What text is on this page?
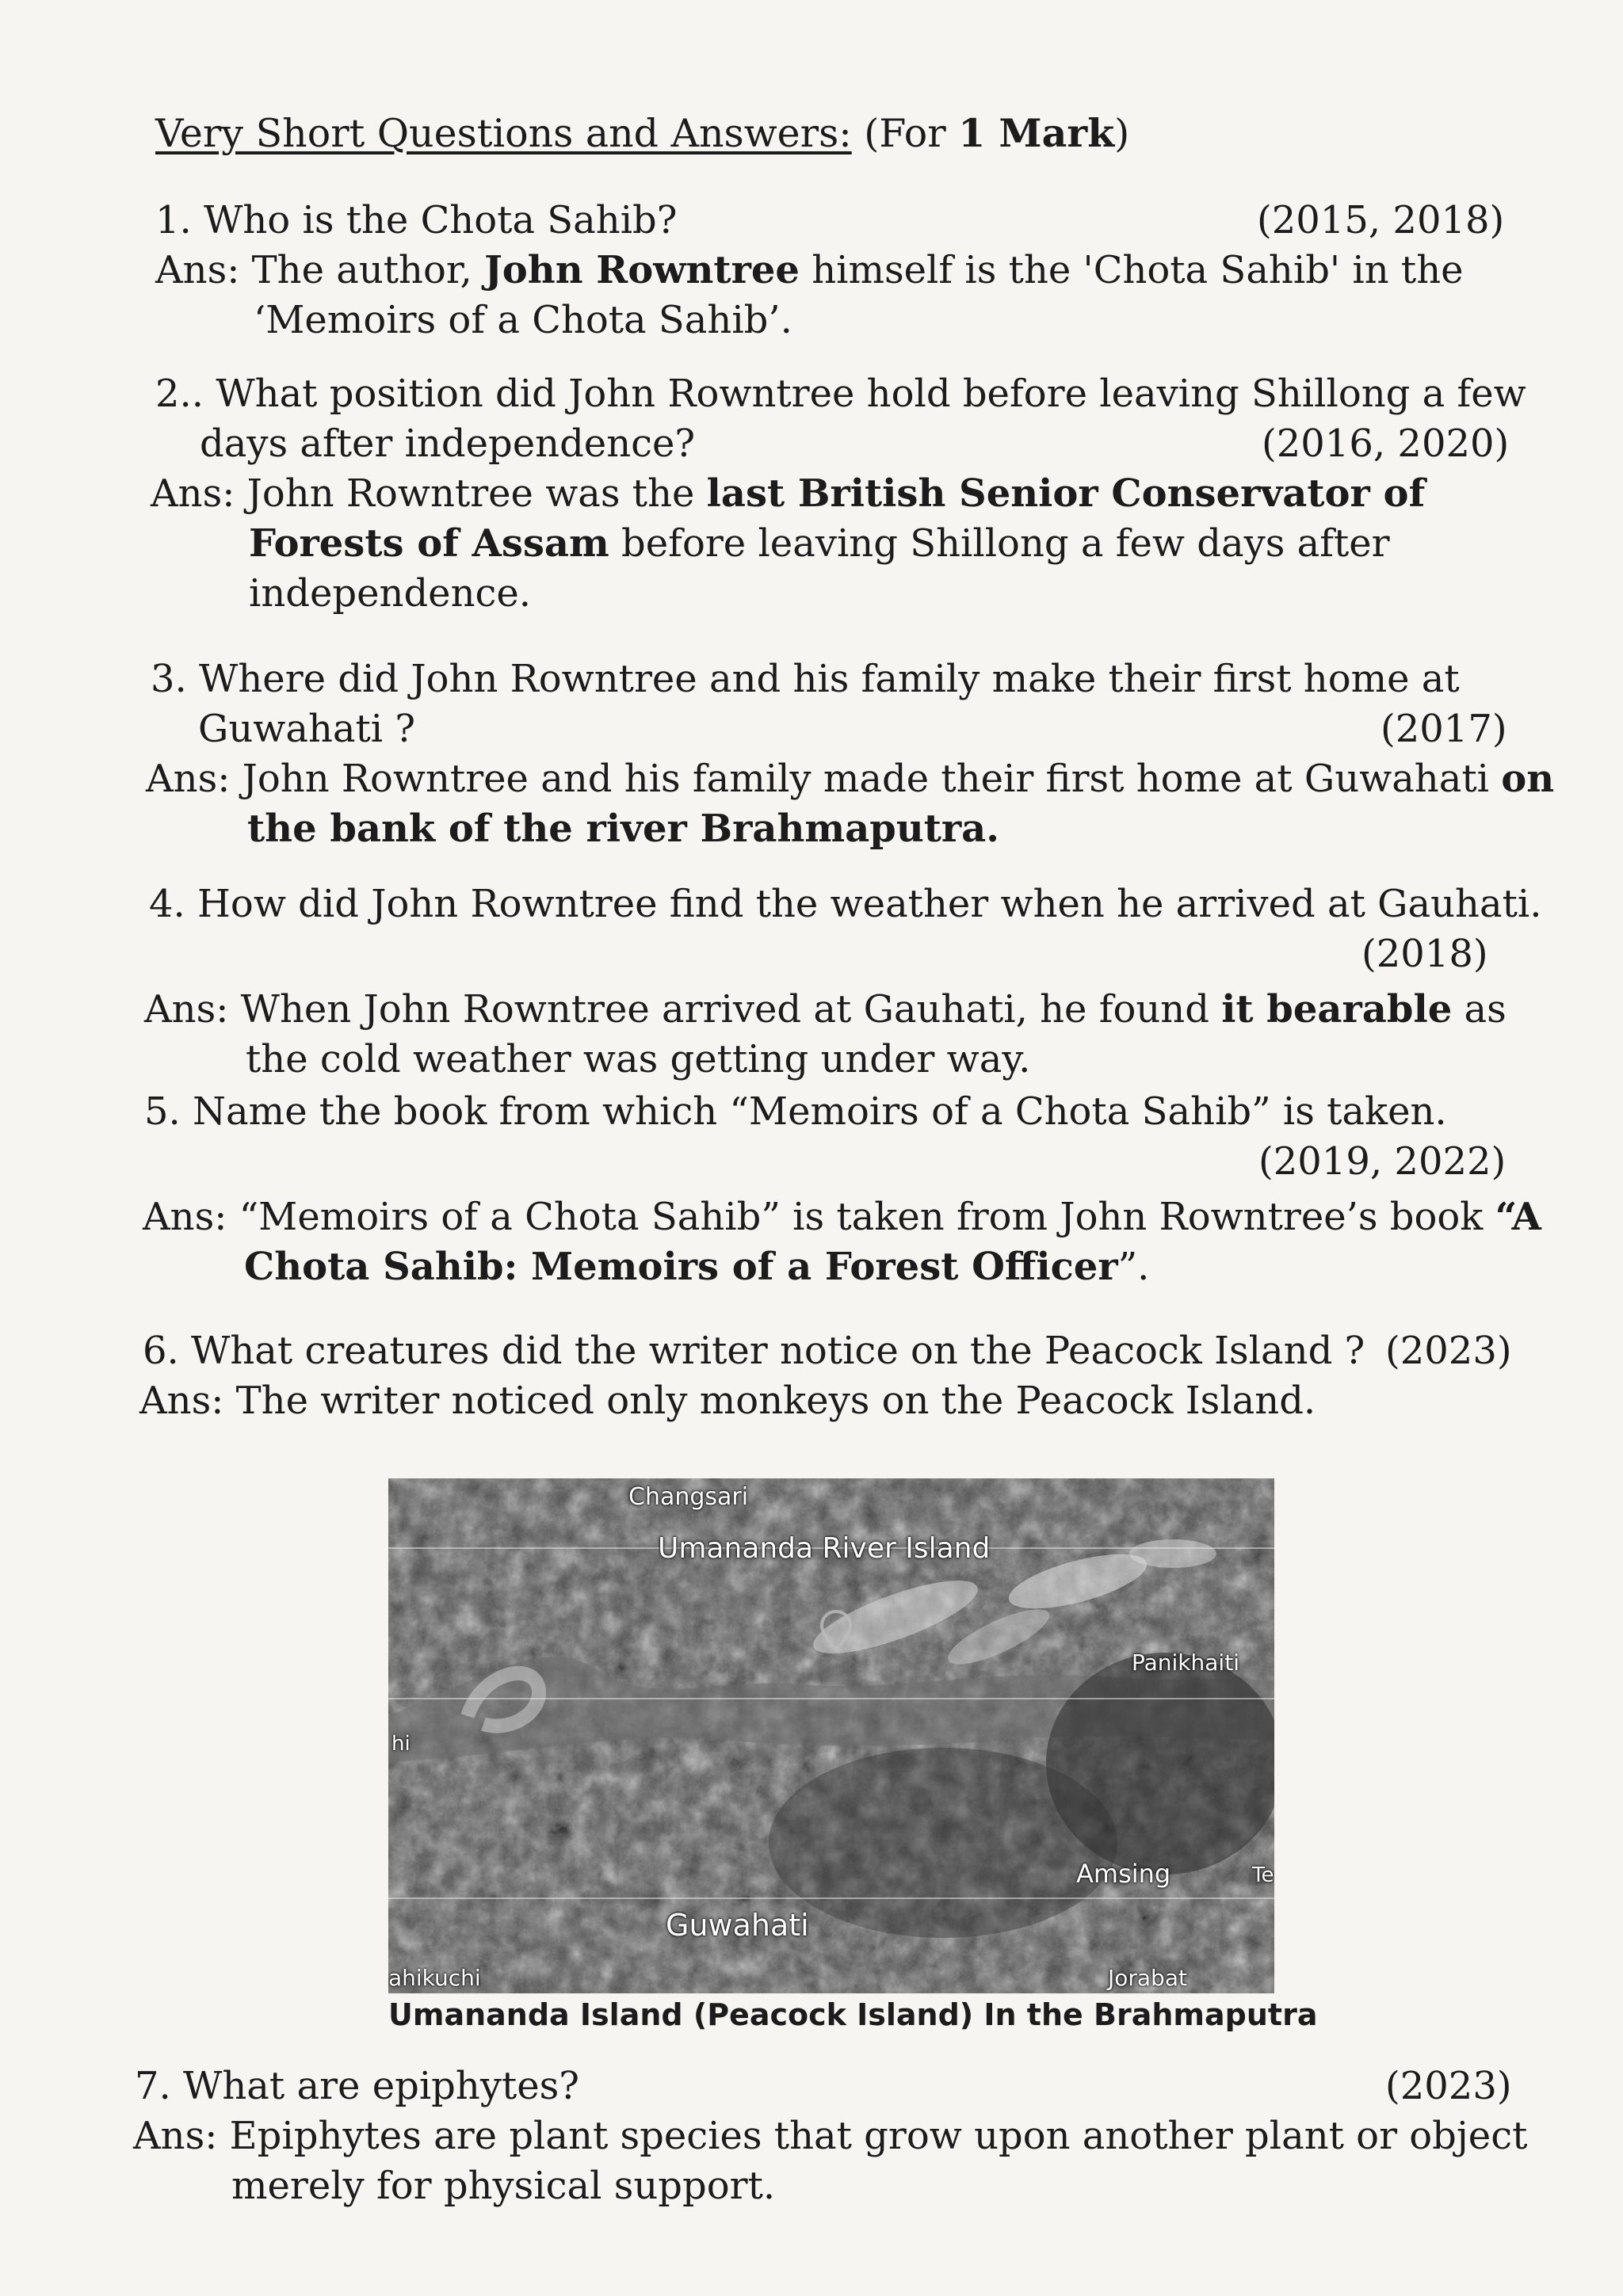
Very Short Questions and Answers: (For 1 Mark)
1. Who is the Chota Sahib?	(2015, 2018)
Ans: The author, John Rowntree himself is the 'Chota Sahib' in the
‘Memoirs of a Chota Sahib’.
2.. What position did John Rowntree hold before leaving Shillong a few
days after independence?	(2016, 2020)
Ans: John Rowntree was the last British Senior Conservator of
Forests of Assam before leaving Shillong a few days after
independence.
3. Where did John Rowntree and his family make their first home at
Guwahati ?	(2017)
Ans: John Rowntree and his family made their first home at Guwahati on
the bank of the river Brahmaputra.
4. How did John Rowntree find the weather when he arrived at Gauhati.
(2018)
Ans: When John Rowntree arrived at Gauhati, he found it bearable as
the cold weather was getting under way.
5. Name the book from which “Memoirs of a Chota Sahib” is taken.
(2019, 2022)
Ans: “Memoirs of a Chota Sahib” is taken from John Rowntree’s book “A
Chota Sahib: Memoirs of a Forest Officer”.
6. What creatures did the writer notice on the Peacock Island ? (2023)
Ans: The writer noticed only monkeys on the Peacock Island.
Changsari
Umananda River Island
Panikhaiti
hi
Amsing	Te
Guwahati
ahikuchi	Jorabat
Umananda Island (Peacock Island) In the Brahmaputra
7. What are epiphytes?	(2023)
Ans: Epiphytes are plant species that grow upon another plant or object
merely for physical support.
